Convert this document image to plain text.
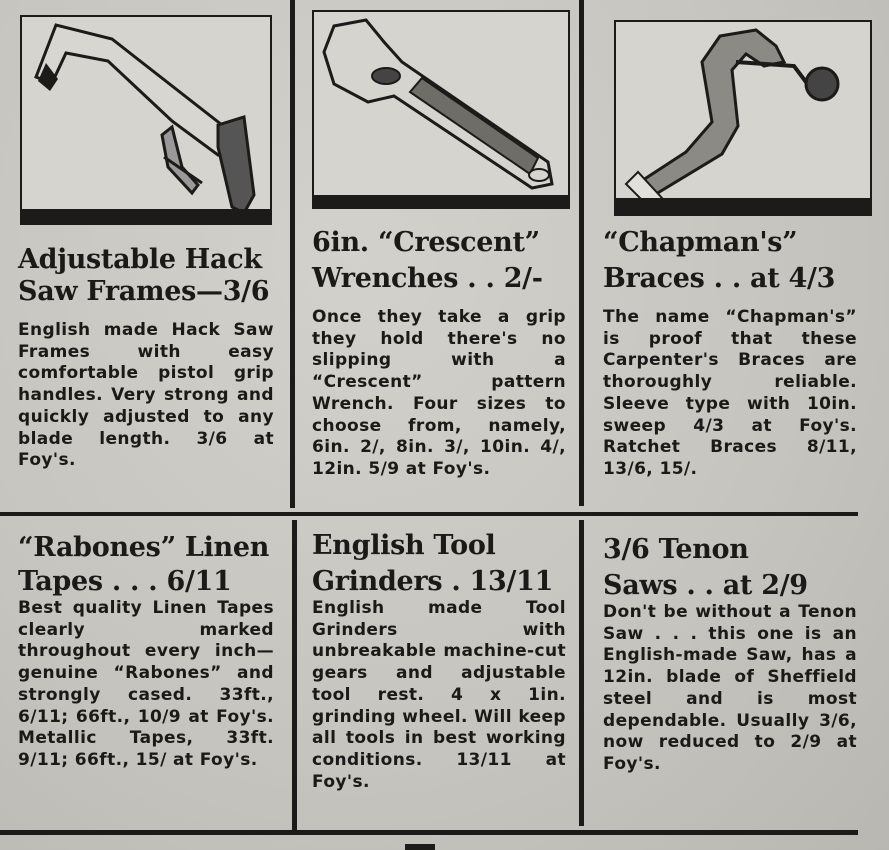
Adjustable Hack
Saw Frames—3/6
English made Hack Saw Frames with easy comfortable pistol grip handles. Very strong and quickly adjusted to any blade length. 3/6 at Foy's.
6in. “Crescent”
Wrenches . . 2/-
Once they take a grip they hold there's no slipping with a “Crescent” pattern Wrench. Four sizes to choose from, namely, 6in. 2/, 8in. 3/, 10in. 4/, 12in. 5/9 at Foy's.
“Chapman's”
Braces . . at 4/3
The name “Chapman's” is proof that these Carpenter's Braces are thoroughly reliable. Sleeve type with 10in. sweep 4/3 at Foy's. Ratchet Braces 8/11, 13/6, 15/.
“Rabones” Linen
Tapes . . . 6/11
Best quality Linen Tapes clearly marked throughout every inch—genuine “Rabones” and strongly cased. 33ft., 6/11; 66ft., 10/9 at Foy's. Metallic Tapes, 33ft. 9/11; 66ft., 15/ at Foy's.
English Tool
Grinders . 13/11
English made Tool Grinders with unbreakable machine-cut gears and adjustable tool rest. 4 x 1in. grinding wheel. Will keep all tools in best working conditions. 13/11 at Foy's.
3/6 Tenon
Saws . . at 2/9
Don't be without a Tenon Saw . . . this one is an English-made Saw, has a 12in. blade of Sheffield steel and is most dependable. Usually 3/6, now reduced to 2/9 at Foy's.
